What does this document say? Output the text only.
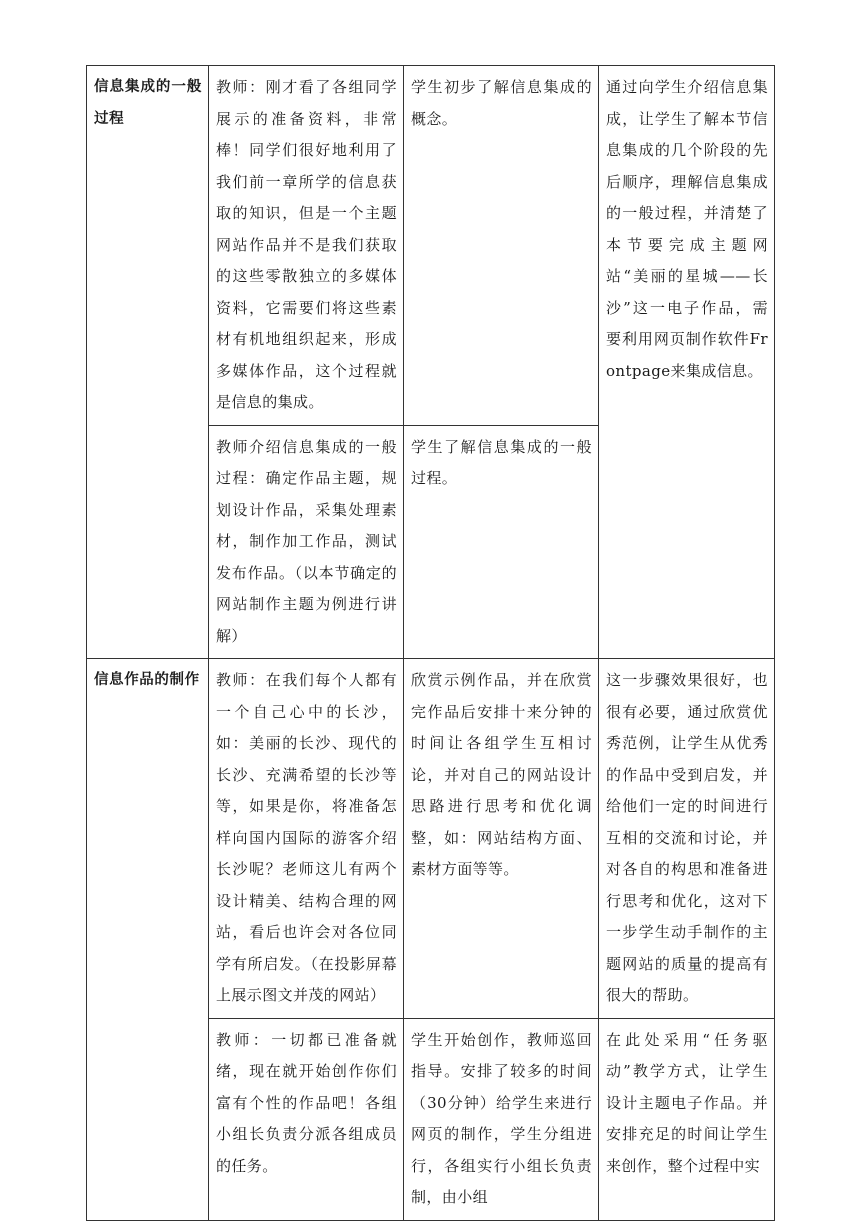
信息集成的一般过程	教师：刚才看了各组同学展示的准备资料，非常棒！同学们很好地利用了我们前一章所学的信息获取的知识，但是一个主题网站作品并不是我们获取的这些零散独立的多媒体资料，它需要们将这些素材有机地组织起来，形成多媒体作品，这个过程就是信息的集成。	学生初步了解信息集成的概念。	通过向学生介绍信息集成，让学生了解本节信息集成的几个阶段的先后顺序，理解信息集成的一般过程，并清楚了本节要完成主题网站“美丽的星城——长沙”这一电子作品，需要利用网页制作软件Frontpage来集成信息。

	教师介绍信息集成的一般过程：确定作品主题，规划设计作品，采集处理素材，制作加工作品，测试发布作品。（以本节确定的网站制作主题为例进行讲解）	学生了解信息集成的一般过程。	

信息作品的制作	教师：在我们每个人都有一个自己心中的长沙，如：美丽的长沙、现代的长沙、充满希望的长沙等等，如果是你，将准备怎样向国内国际的游客介绍长沙呢？老师这儿有两个设计精美、结构合理的网站，看后也许会对各位同学有所启发。（在投影屏幕上展示图文并茂的网站）	欣赏示例作品，并在欣赏完作品后安排十来分钟的时间让各组学生互相讨论，并对自己的网站设计思路进行思考和优化调整，如：网站结构方面、素材方面等等。	这一步骤效果很好，也很有必要，通过欣赏优秀范例，让学生从优秀的作品中受到启发，并给他们一定的时间进行互相的交流和讨论，并对各自的构思和准备进行思考和优化，这对下一步学生动手制作的主题网站的质量的提高有很大的帮助。

	教师：一切都已准备就绪，现在就开始创作你们富有个性的作品吧！各组小组长负责分派各组成员的任务。	学生开始创作，教师巡回指导。安排了较多的时间（30分钟）给学生来进行网页的制作，学生分组进行，各组实行小组长负责制，由小组	在此处采用“任务驱动”教学方式，让学生设计主题电子作品。并安排充足的时间让学生来创作，整个过程中实
